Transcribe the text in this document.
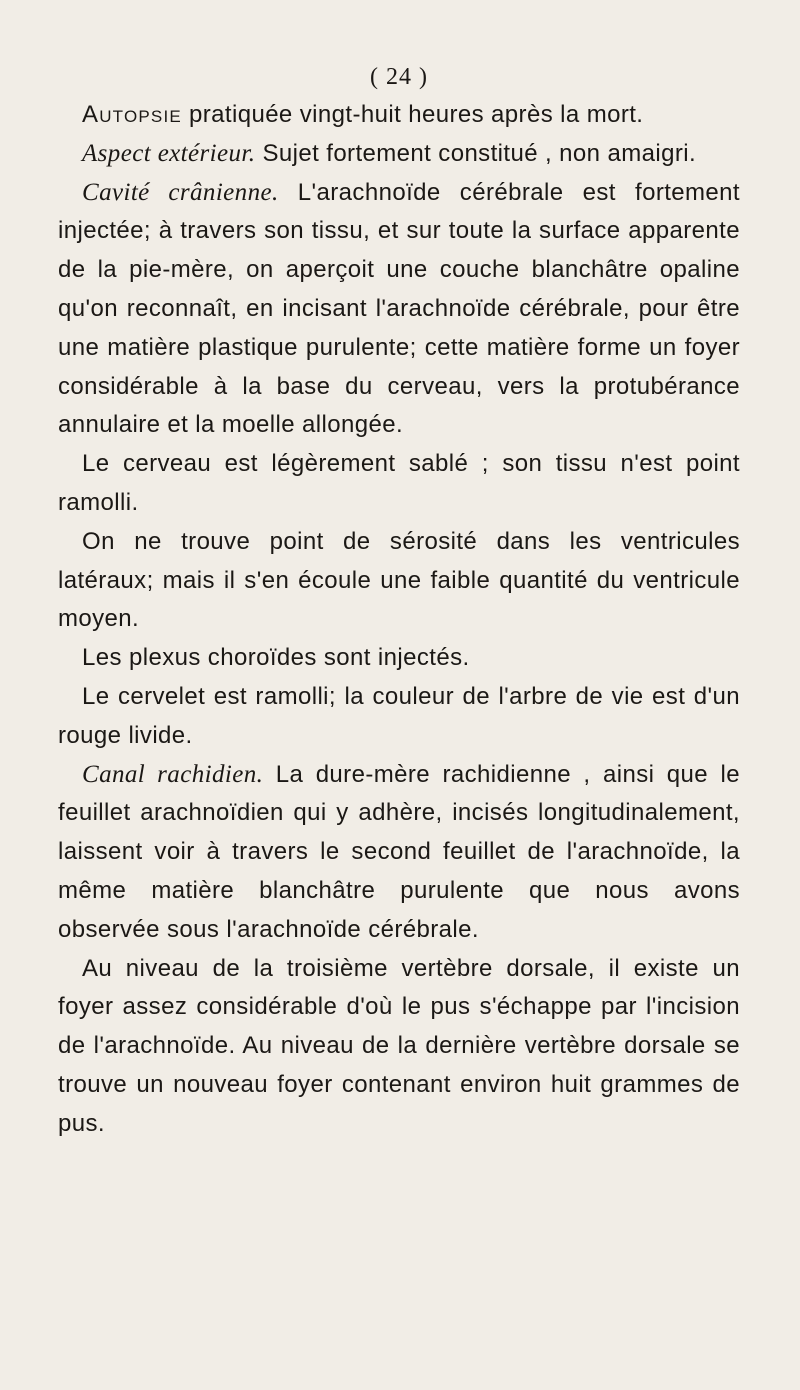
( 24 )

Autopsie pratiquée vingt-huit heures après la mort.

Aspect extérieur. Sujet fortement constitué , non amaigri.

Cavité crânienne. L'arachnoïde cérébrale est fortement injectée; à travers son tissu, et sur toute la surface apparente de la pie-mère, on aperçoit une couche blanchâtre opaline qu'on reconnaît, en incisant l'arachnoïde cérébrale, pour être une matière plastique purulente; cette matière forme un foyer considérable à la base du cerveau, vers la protubérance annulaire et la moelle allongée.

Le cerveau est légèrement sablé ; son tissu n'est point ramolli.

On ne trouve point de sérosité dans les ventricules latéraux; mais il s'en écoule une faible quantité du ventricule moyen.

Les plexus choroïdes sont injectés.

Le cervelet est ramolli; la couleur de l'arbre de vie est d'un rouge livide.

Canal rachidien. La dure-mère rachidienne , ainsi que le feuillet arachnoïdien qui y adhère, incisés longitudinalement, laissent voir à travers le second feuillet de l'arachnoïde, la même matière blanchâtre purulente que nous avons observée sous l'arachnoïde cérébrale.

Au niveau de la troisième vertèbre dorsale, il existe un foyer assez considérable d'où le pus s'échappe par l'incision de l'arachnoïde. Au niveau de la dernière vertèbre dorsale se trouve un nouveau foyer contenant environ huit grammes de pus.
